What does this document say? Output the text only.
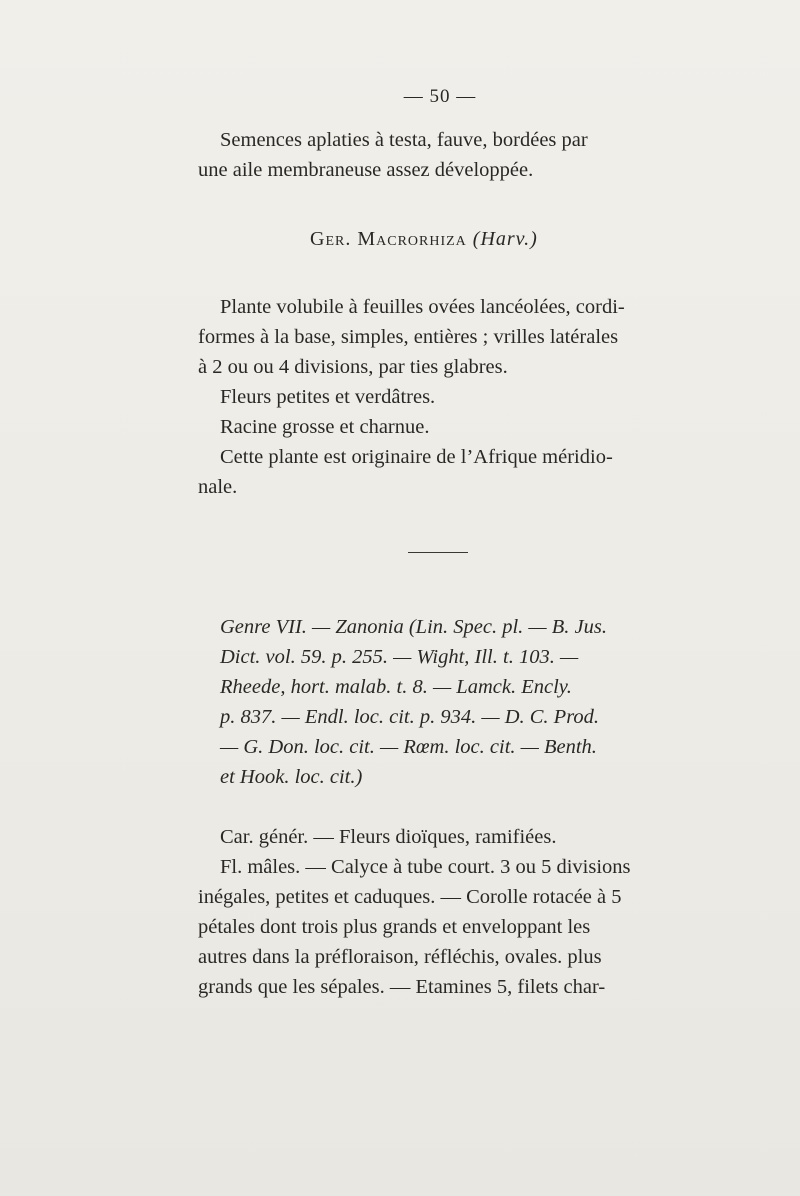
— 50 —

Semences aplaties à testa, fauve, bordées par

une aile membraneuse assez développée.

Ger. Macrorhiza (Harv.)

Plante volubile à feuilles ovées lancéolées, cordi-

formes à la base, simples, entières ; vrilles latérales

à 2 ou ou 4 divisions, par ties glabres.

Fleurs petites et verdâtres.

Racine grosse et charnue.

Cette plante est originaire de l’Afrique méridio-

nale.

Genre VII. — Zanonia (Lin. Spec. pl. — B. Jus.

Dict. vol. 59. p. 255. — Wight, Ill. t. 103. —

Rheede, hort. malab. t. 8. — Lamck. Encly.

p. 837. — Endl. loc. cit. p. 934. — D. C. Prod.

— G. Don. loc. cit. — Rœm. loc. cit. — Benth.

et Hook. loc. cit.)

Car. génér. — Fleurs dioïques, ramifiées.

Fl. mâles. — Calyce à tube court. 3 ou 5 divisions

inégales, petites et caduques. — Corolle rotacée à 5

pétales dont trois plus grands et enveloppant les

autres dans la préfloraison, réfléchis, ovales. plus

grands que les sépales. — Etamines 5, filets char-
